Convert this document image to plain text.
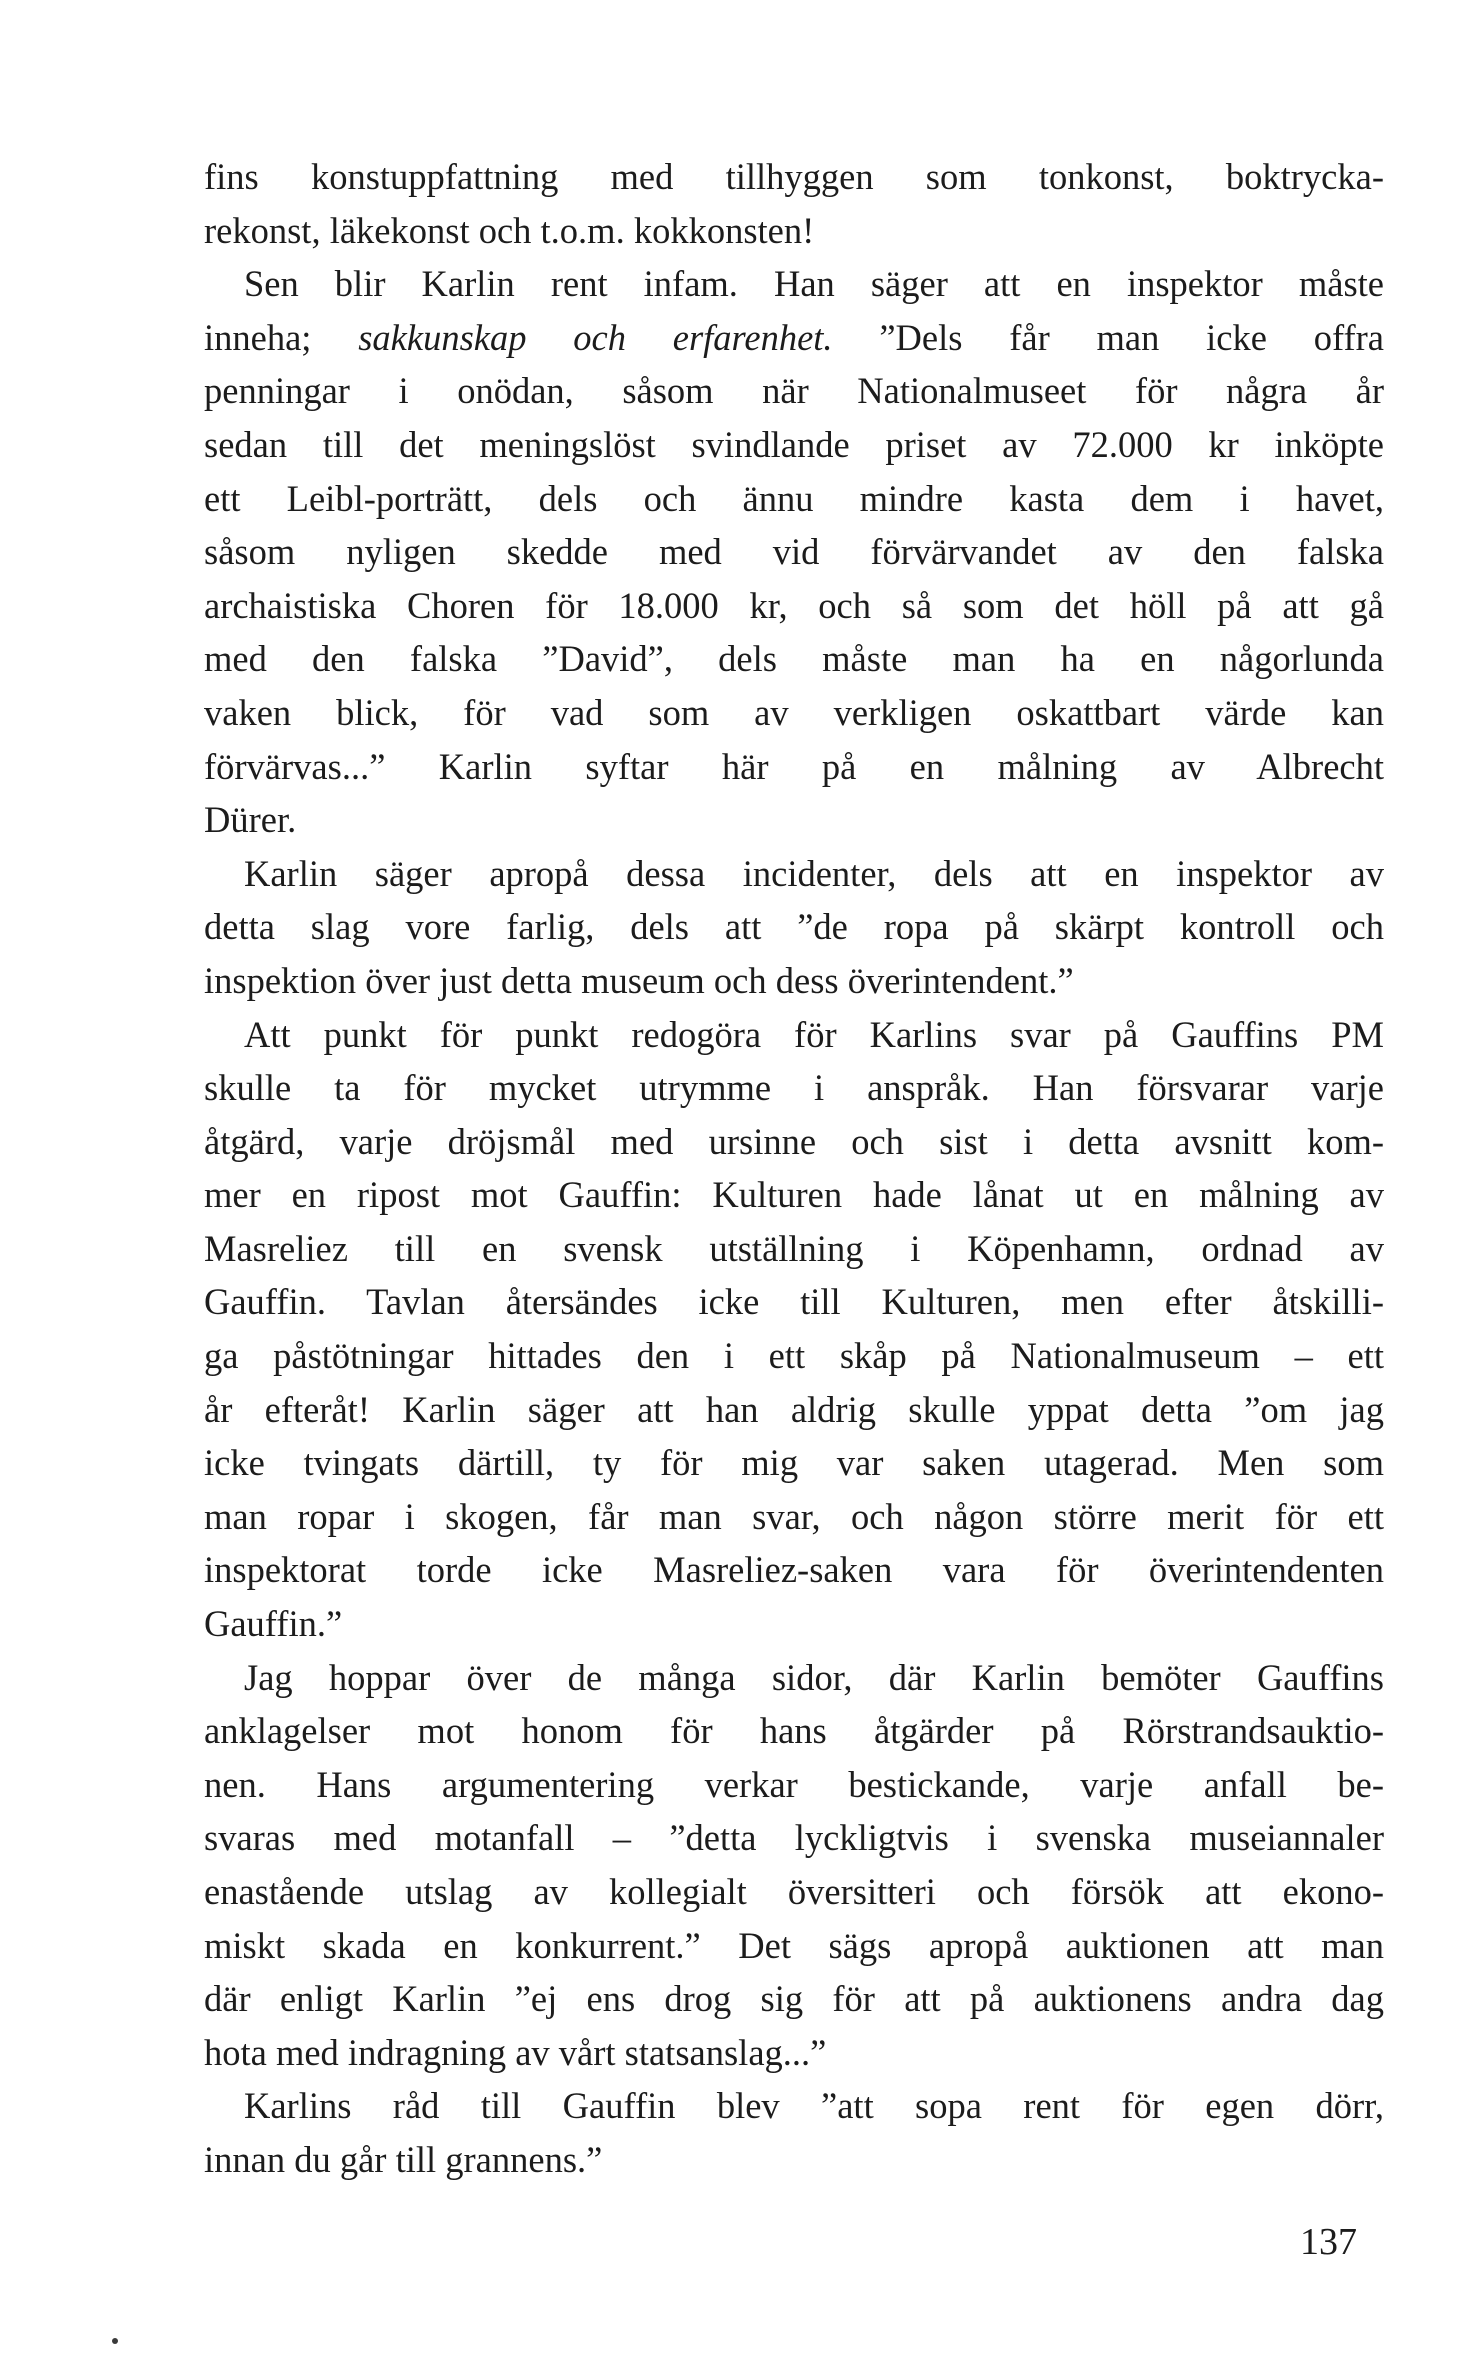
fins konstuppfattning med tillhyggen som tonkonst, boktrycka-
rekonst, läkekonst och t.o.m. kokkonsten!
Sen blir Karlin rent infam. Han säger att en inspektor måste
inneha; sakkunskap och erfarenhet. ”Dels får man icke offra
penningar i onödan, såsom när Nationalmuseet för några år
sedan till det meningslöst svindlande priset av 72.000 kr inköpte
ett Leibl-porträtt, dels och ännu mindre kasta dem i havet,
såsom nyligen skedde med vid förvärvandet av den falska
archaistiska Choren för 18.000 kr, och så som det höll på att gå
med den falska ”David”, dels måste man ha en någorlunda
vaken blick, för vad som av verkligen oskattbart värde kan
förvärvas...” Karlin syftar här på en målning av Albrecht
Dürer.
Karlin säger apropå dessa incidenter, dels att en inspektor av
detta slag vore farlig, dels att ”de ropa på skärpt kontroll och
inspektion över just detta museum och dess överintendent.”
Att punkt för punkt redogöra för Karlins svar på Gauffins PM
skulle ta för mycket utrymme i anspråk. Han försvarar varje
åtgärd, varje dröjsmål med ursinne och sist i detta avsnitt kom-
mer en ripost mot Gauffin: Kulturen hade lånat ut en målning av
Masreliez till en svensk utställning i Köpenhamn, ordnad av
Gauffin. Tavlan återsändes icke till Kulturen, men efter åtskilli-
ga påstötningar hittades den i ett skåp på Nationalmuseum – ett
år efteråt! Karlin säger att han aldrig skulle yppat detta ”om jag
icke tvingats därtill, ty för mig var saken utagerad. Men som
man ropar i skogen, får man svar, och någon större merit för ett
inspektorat torde icke Masreliez-saken vara för överintendenten
Gauffin.”
Jag hoppar över de många sidor, där Karlin bemöter Gauffins
anklagelser mot honom för hans åtgärder på Rörstrandsauktio-
nen. Hans argumentering verkar bestickande, varje anfall be-
svaras med motanfall – ”detta lyckligtvis i svenska museiannaler
enastående utslag av kollegialt översitteri och försök att ekono-
miskt skada en konkurrent.” Det sägs apropå auktionen att man
där enligt Karlin ”ej ens drog sig för att på auktionens andra dag
hota med indragning av vårt statsanslag...”
Karlins råd till Gauffin blev ”att sopa rent för egen dörr,
innan du går till grannens.”
137
